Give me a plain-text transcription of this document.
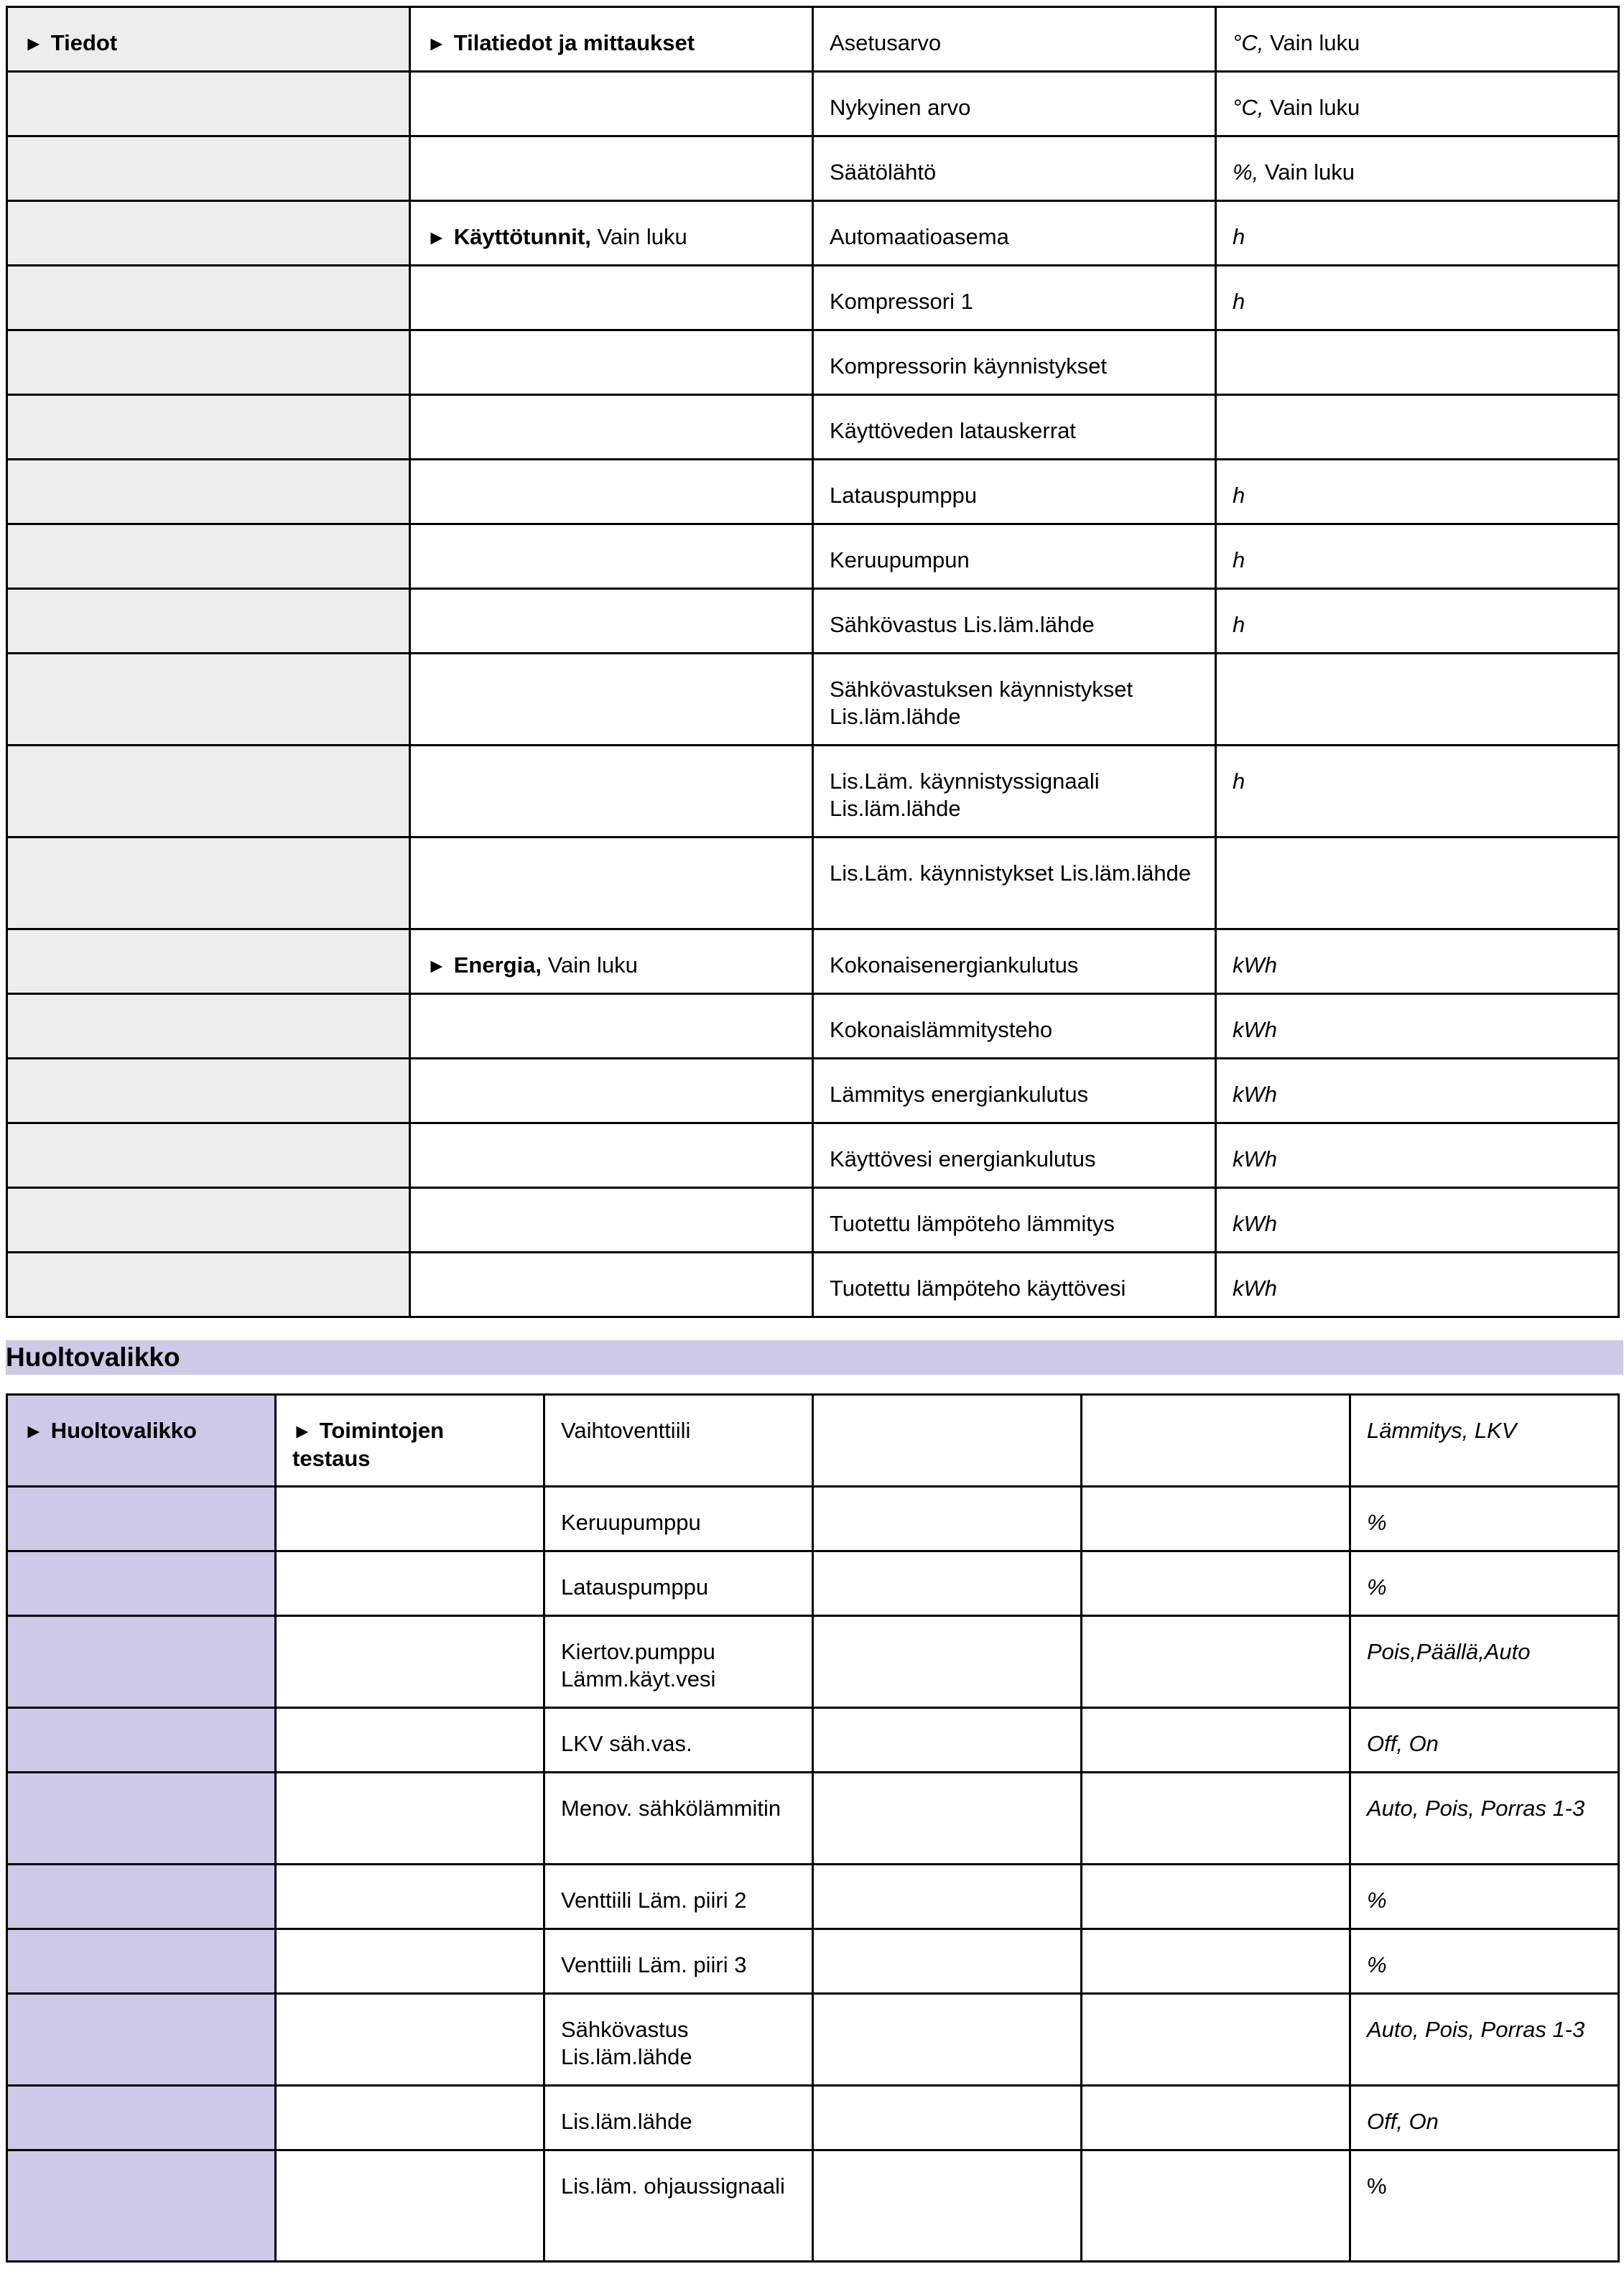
► Tiedot	► Tilatiedot ja mittaukset	Asetusarvo	°C, Vain luku
		Nykyinen arvo	°C, Vain luku
		Säätölähtö	%, Vain luku
	► Käyttötunnit, Vain luku	Automaatioasema	h
		Kompressori 1	h
		Kompressorin käynnistykset	
		Käyttöveden latauskerrat	
		Latauspumppu	h
		Keruupumpun	h
		Sähkövastus Lis.läm.lähde	h
		Sähkövastuksen käynnistykset Lis.läm.lähde	
		Lis.Läm. käynnistyssignaali Lis.läm.lähde	h
		Lis.Läm. käynnistykset Lis.läm.lähde	
	► Energia, Vain luku	Kokonaisenergiankulutus	kWh
		Kokonaislämmitysteho	kWh
		Lämmitys energiankulutus	kWh
		Käyttövesi energiankulutus	kWh
		Tuotettu lämpöteho lämmitys	kWh
		Tuotettu lämpöteho käyttövesi	kWh
Huoltovalikko
► Huoltovalikko	► Toimintojen testaus	Vaihtoventtiili			Lämmitys, LKV
		Keruupumppu			%
		Latauspumppu			%
		Kiertov.pumppu Lämm.käyt.vesi			Pois,Päällä,Auto
		LKV säh.vas.			Off, On
		Menov. sähkölämmitin			Auto, Pois, Porras 1-3
		Venttiili Läm. piiri 2			%
		Venttiili Läm. piiri 3			%
		Sähkövastus Lis.läm.lähde			Auto, Pois, Porras 1-3
		Lis.läm.lähde			Off, On
		Lis.läm. ohjaussignaali			%
